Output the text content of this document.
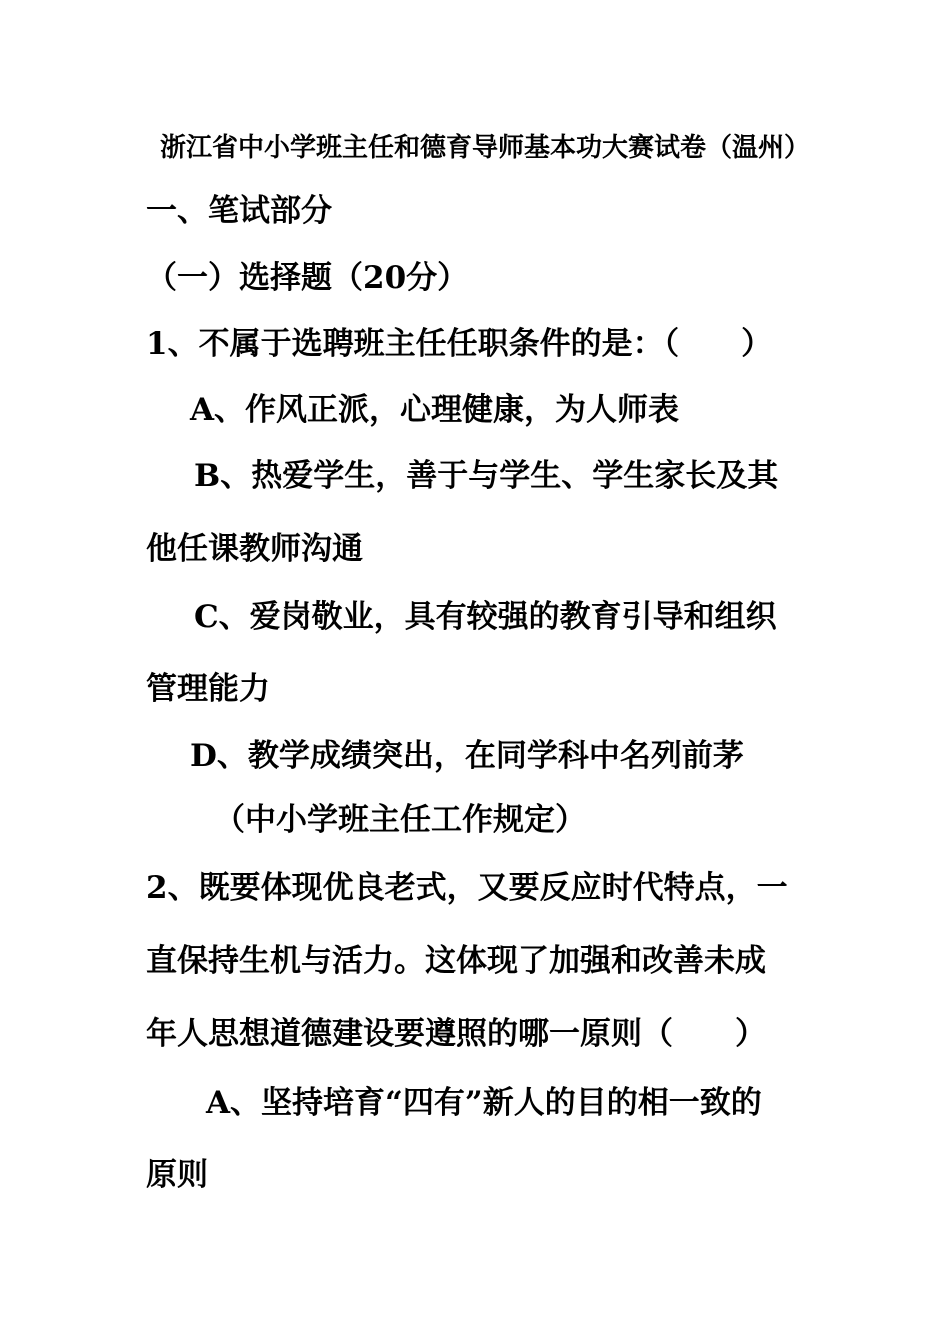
浙江省中小学班主任和德育导师基本功大赛试卷（温州）

一、笔试部分

（一）选择题（20分）

1、不属于选聘班主任任职条件的是：（　　）

A、作风正派，心理健康，为人师表

B、热爱学生，善于与学生、学生家长及其

他任课教师沟通

C、爱岗敬业，具有较强的教育引导和组织

管理能力

D、教学成绩突出，在同学科中名列前茅

（中小学班主任工作规定）

2、既要体现优良老式，又要反应时代特点，一

直保持生机与活力。这体现了加强和改善未成

年人思想道德建设要遵照的哪一原则（　　）

A、坚持培育“四有”新人的目的相一致的

原则
